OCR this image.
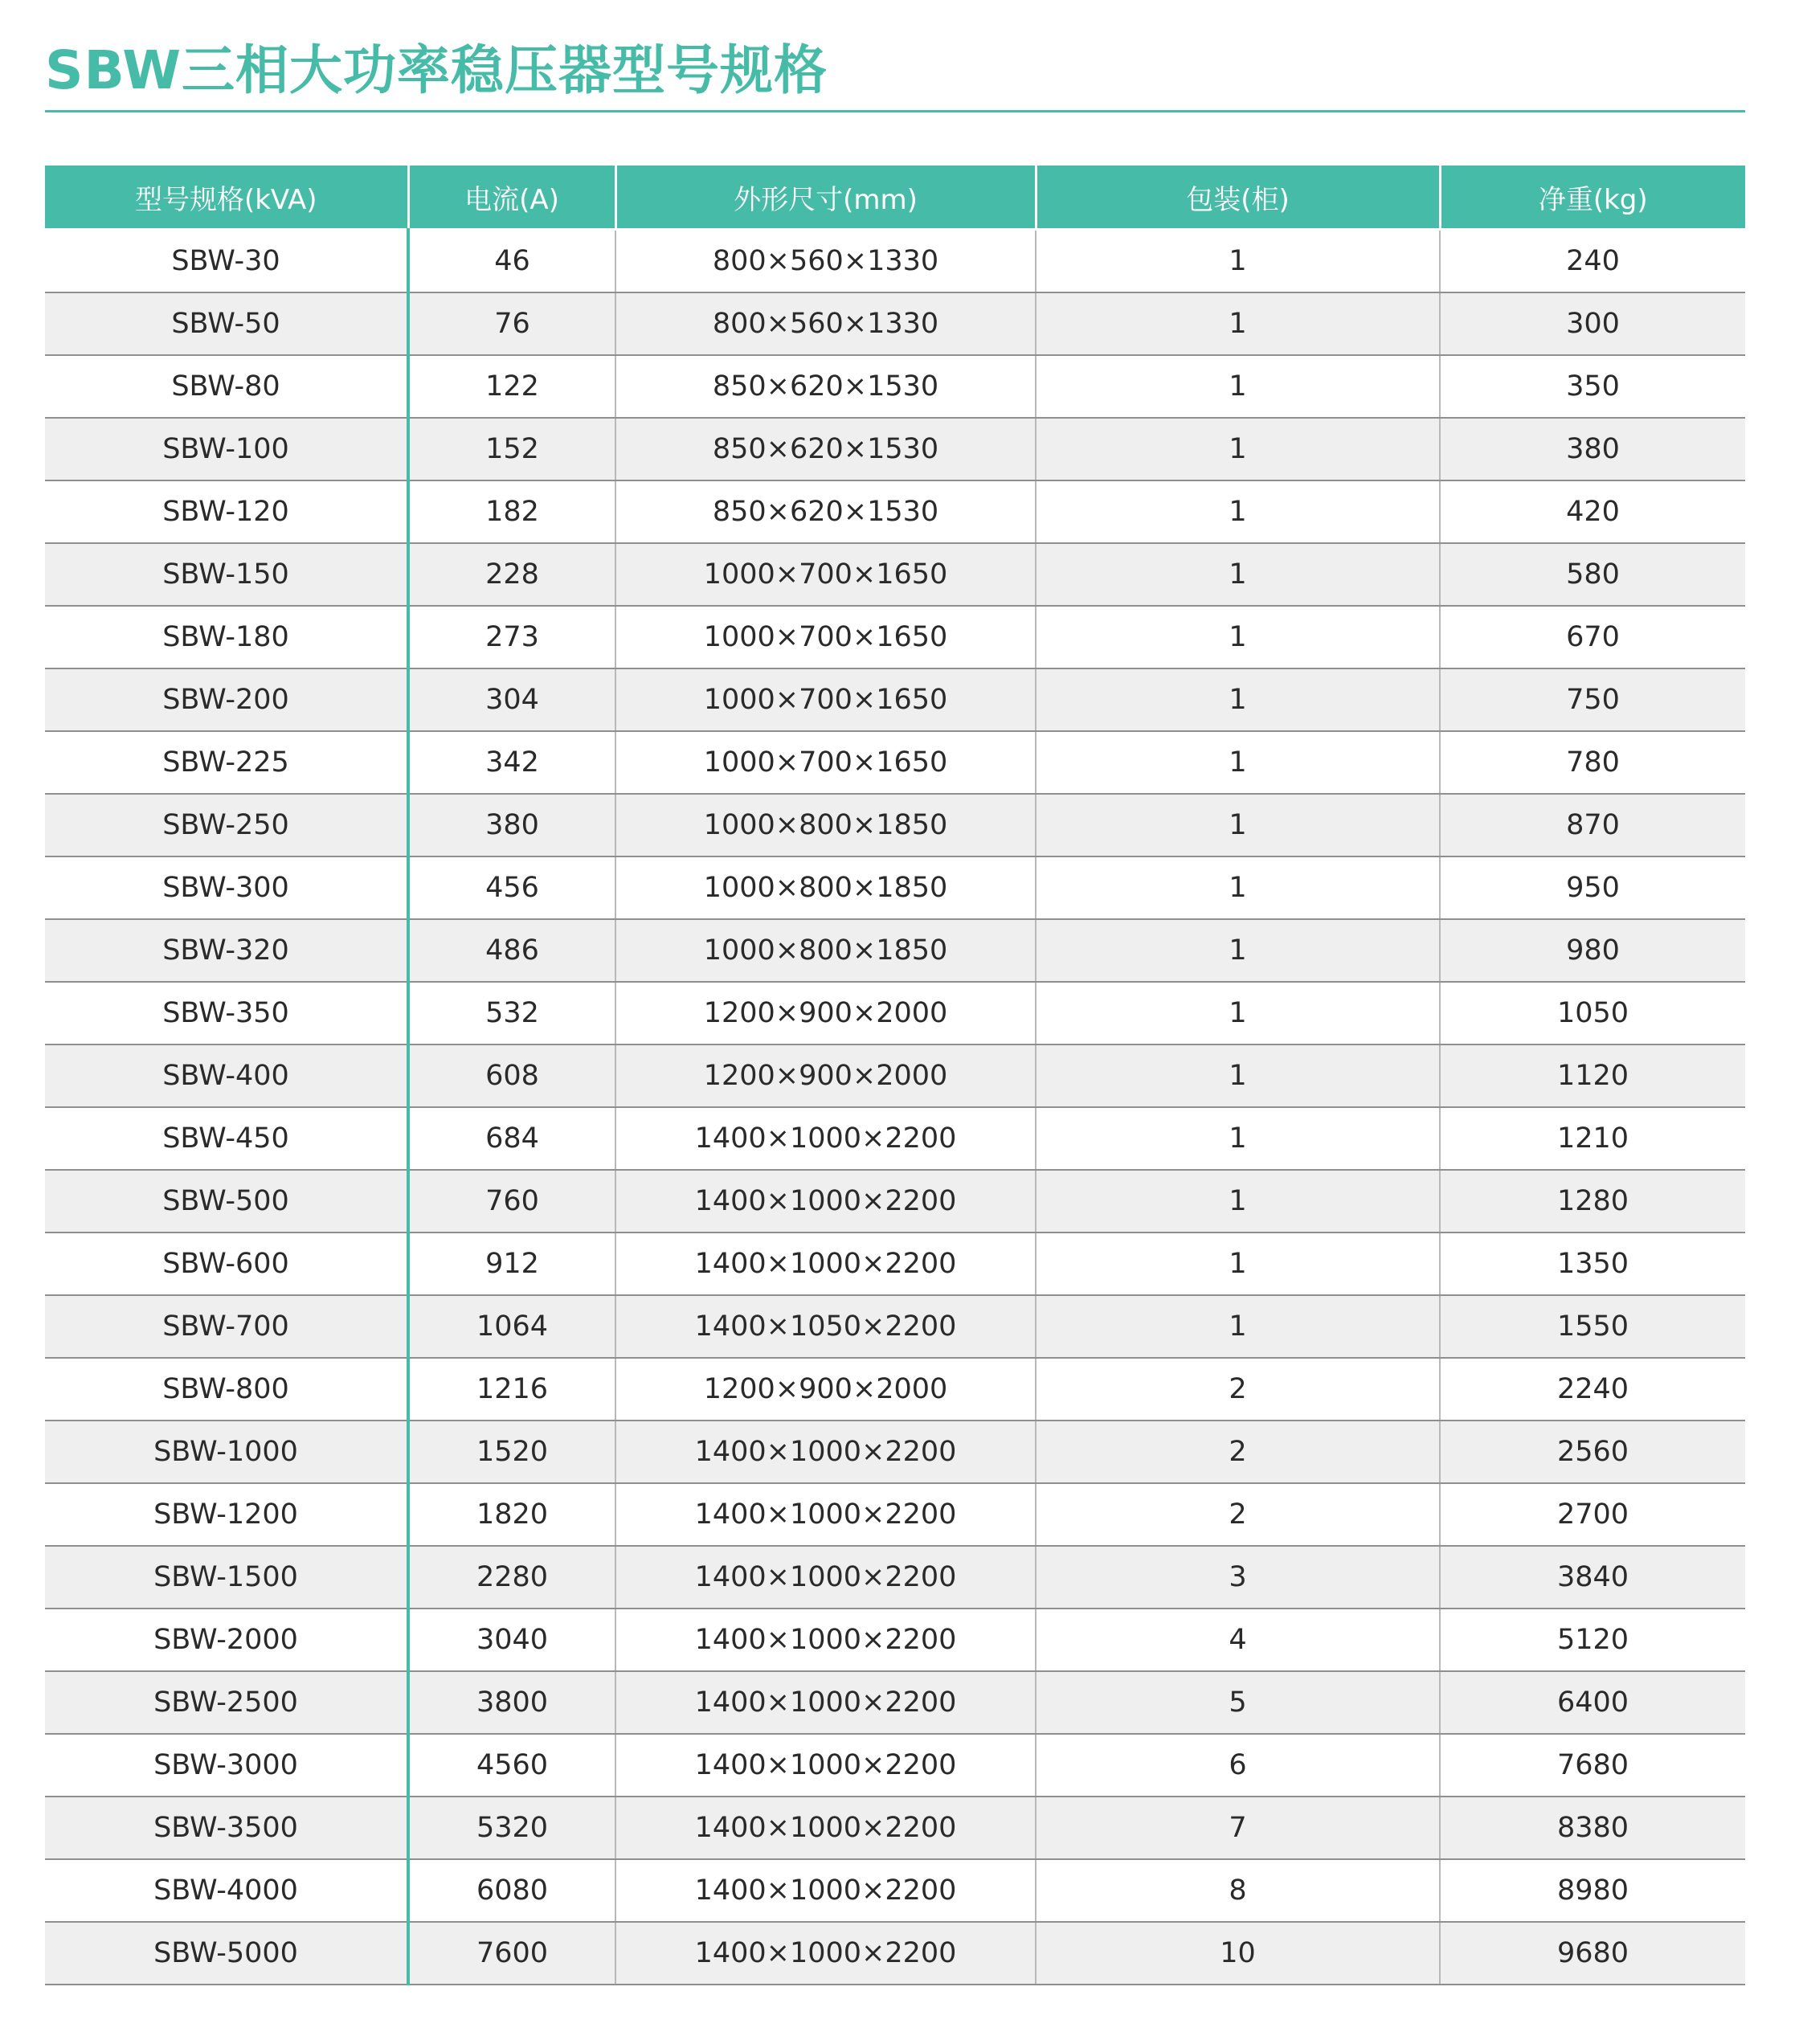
SBW三相大功率稳压器型号规格
型号规格(kVA)	电流(A)	外形尺寸(mm)	包装(柜)	净重(kg)
SBW-30	46	800×560×1330	1	240
SBW-50	76	800×560×1330	1	300
SBW-80	122	850×620×1530	1	350
SBW-100	152	850×620×1530	1	380
SBW-120	182	850×620×1530	1	420
SBW-150	228	1000×700×1650	1	580
SBW-180	273	1000×700×1650	1	670
SBW-200	304	1000×700×1650	1	750
SBW-225	342	1000×700×1650	1	780
SBW-250	380	1000×800×1850	1	870
SBW-300	456	1000×800×1850	1	950
SBW-320	486	1000×800×1850	1	980
SBW-350	532	1200×900×2000	1	1050
SBW-400	608	1200×900×2000	1	1120
SBW-450	684	1400×1000×2200	1	1210
SBW-500	760	1400×1000×2200	1	1280
SBW-600	912	1400×1000×2200	1	1350
SBW-700	1064	1400×1050×2200	1	1550
SBW-800	1216	1200×900×2000	2	2240
SBW-1000	1520	1400×1000×2200	2	2560
SBW-1200	1820	1400×1000×2200	2	2700
SBW-1500	2280	1400×1000×2200	3	3840
SBW-2000	3040	1400×1000×2200	4	5120
SBW-2500	3800	1400×1000×2200	5	6400
SBW-3000	4560	1400×1000×2200	6	7680
SBW-3500	5320	1400×1000×2200	7	8380
SBW-4000	6080	1400×1000×2200	8	8980
SBW-5000	7600	1400×1000×2200	10	9680
